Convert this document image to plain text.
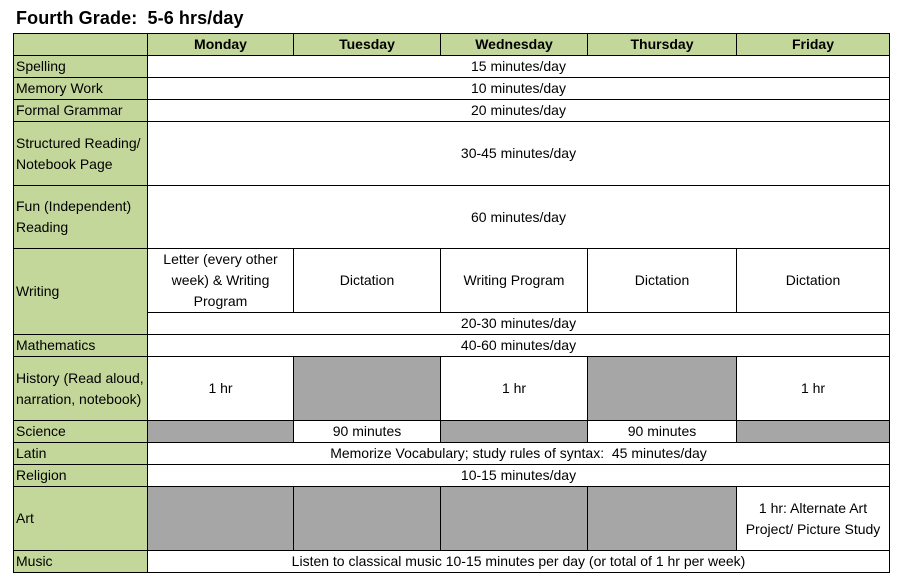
Fourth Grade:  5-6 hrs/day
	Monday	Tuesday	Wednesday	Thursday	Friday
Spelling	15 minutes/day				
Memory Work	10 minutes/day				
Formal Grammar	20 minutes/day				
Structured Reading/ Notebook Page	30-45 minutes/day				
Fun (Independent) Reading	60 minutes/day				
Writing	Letter (every other week) & Writing Program	Dictation	Writing Program	Dictation	Dictation
	20-30 minutes/day				
Mathematics	40-60 minutes/day				
History (Read aloud, narration, notebook)	1 hr		1 hr		1 hr
Science		90 minutes		90 minutes	
Latin	Memorize Vocabulary; study rules of syntax:  45 minutes/day				
Religion	10-15 minutes/day				
Art					1 hr: Alternate Art Project/ Picture Study
Music	Listen to classical music 10-15 minutes per day (or total of 1 hr per week)				
